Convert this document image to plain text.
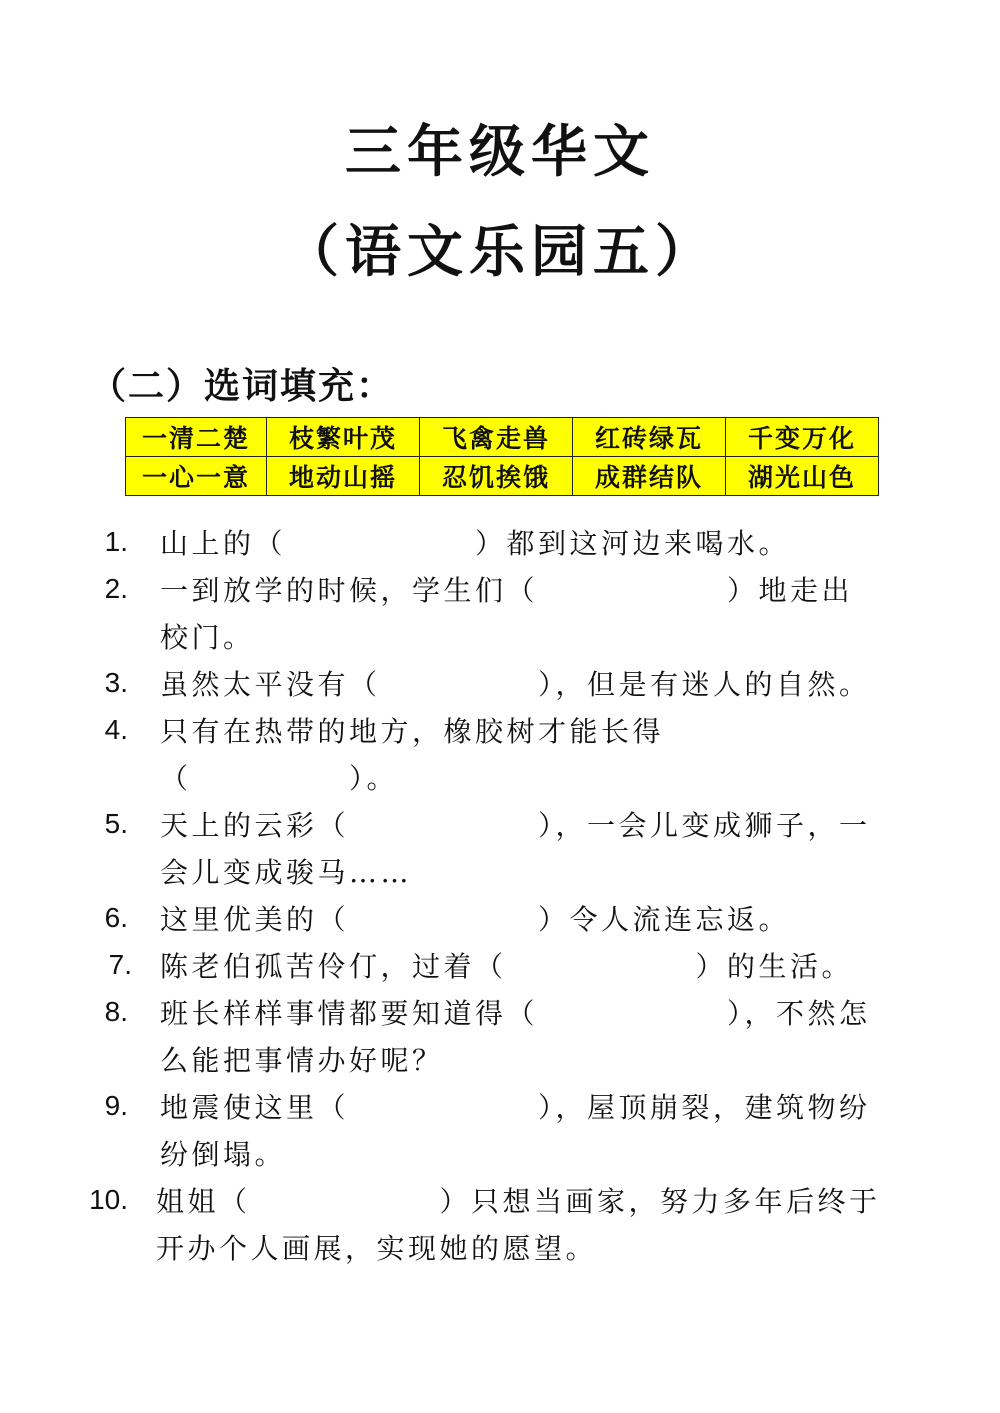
三年级华文
（语文乐园五）
（二）选词填充：
一清二楚	枝繁叶茂	飞禽走兽	红砖绿瓦	千变万化
一心一意	地动山摇	忍饥挨饿	成群结队	湖光山色
1. 山上的（　　　　　　）都到这河边来喝水。
2. 一到放学的时候，学生们（　　　　　　）地走出
校门。
3. 虽然太平没有（　　　　　），但是有迷人的自然。
4. 只有在热带的地方，橡胶树才能长得
（　　　　　）。
5. 天上的云彩（　　　　　　），一会儿变成狮子，一
会儿变成骏马……
6. 这里优美的（　　　　　　）令人流连忘返。
7. 陈老伯孤苦伶仃，过着（　　　　　　）的生活。
8. 班长样样事情都要知道得（　　　　　　），不然怎
么能把事情办好呢？
9. 地震使这里（　　　　　　），屋顶崩裂，建筑物纷
纷倒塌。
10. 姐姐（　　　　　　）只想当画家，努力多年后终于
开办个人画展，实现她的愿望。
